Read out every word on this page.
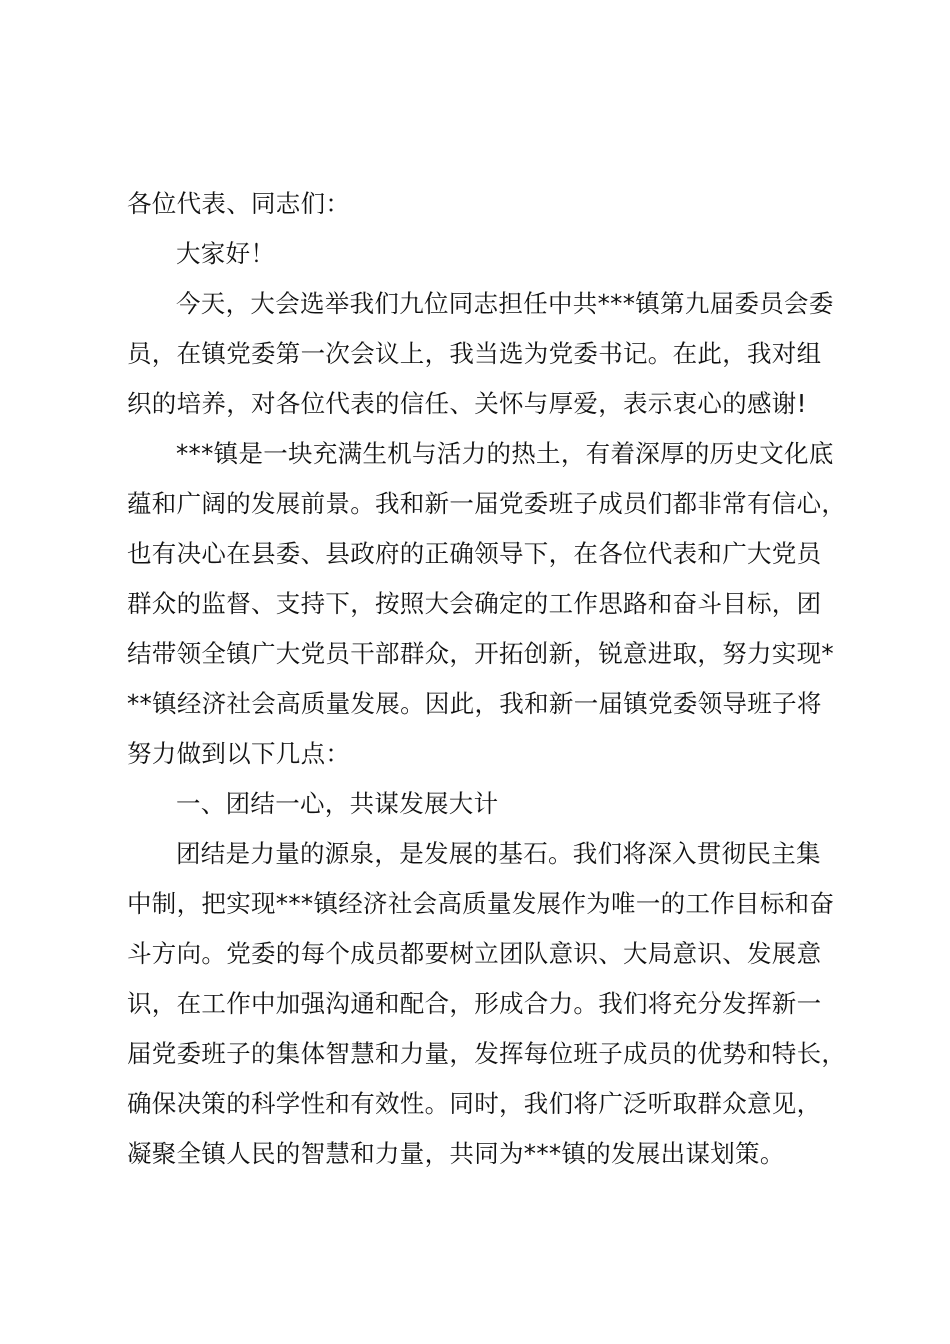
各位代表、同志们：
大家好！
今天，大会选举我们九位同志担任中共***镇第九届委员会委
员，在镇党委第一次会议上，我当选为党委书记。在此，我对组
织的培养，对各位代表的信任、关怀与厚爱，表示衷心的感谢!
***镇是一块充满生机与活力的热土，有着深厚的历史文化底
蕴和广阔的发展前景。我和新一届党委班子成员们都非常有信心，
也有决心在县委、县政府的正确领导下，在各位代表和广大党员
群众的监督、支持下，按照大会确定的工作思路和奋斗目标，团
结带领全镇广大党员干部群众，开拓创新，锐意进取，努力实现*
**镇经济社会高质量发展。因此，我和新一届镇党委领导班子将
努力做到以下几点：
一、团结一心，共谋发展大计
团结是力量的源泉，是发展的基石。我们将深入贯彻民主集
中制，把实现***镇经济社会高质量发展作为唯一的工作目标和奋
斗方向。党委的每个成员都要树立团队意识、大局意识、发展意
识，在工作中加强沟通和配合，形成合力。我们将充分发挥新一
届党委班子的集体智慧和力量，发挥每位班子成员的优势和特长，
确保决策的科学性和有效性。同时，我们将广泛听取群众意见，
凝聚全镇人民的智慧和力量，共同为***镇的发展出谋划策。
